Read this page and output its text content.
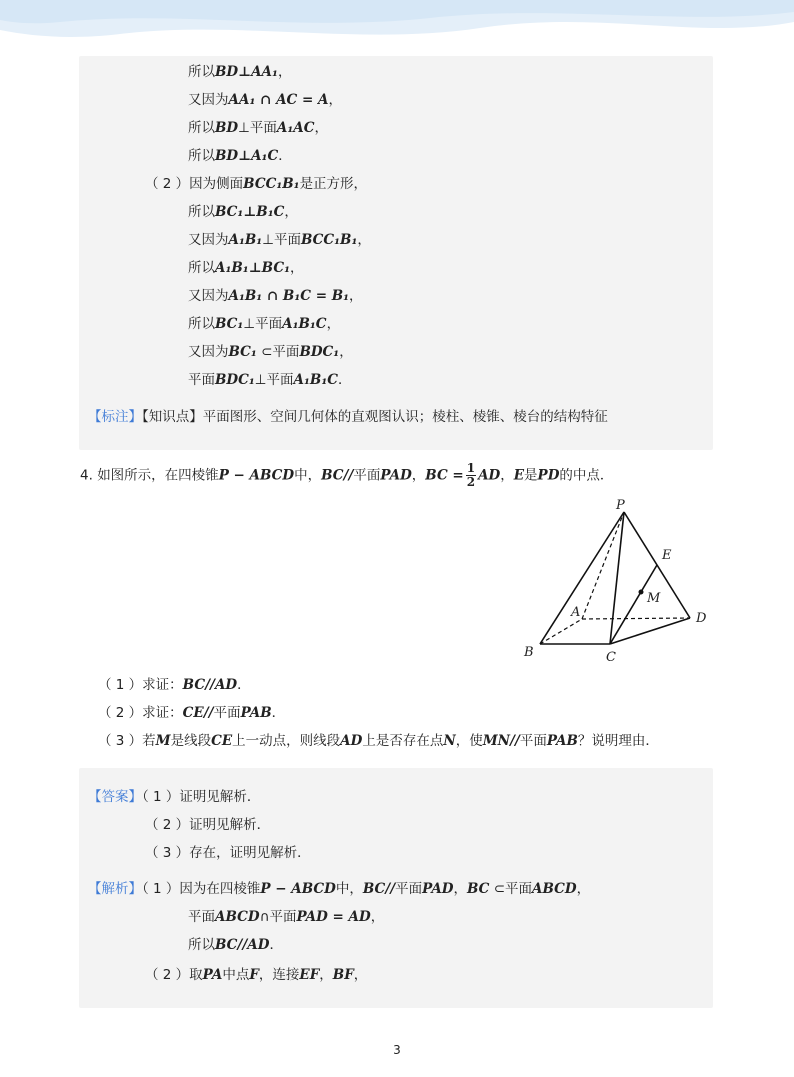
所以BD⊥AA₁，
又因为AA₁ ∩ AC = A，
所以BD⊥平面A₁AC，
所以BD⊥A₁C．
（ 2 ）因为侧面BCC₁B₁是正方形，
所以BC₁⊥B₁C，
又因为A₁B₁⊥平面BCC₁B₁，
所以A₁B₁⊥BC₁，
又因为A₁B₁ ∩ B₁C = B₁，
所以BC₁⊥平面A₁B₁C，
又因为BC₁ ⊂平面BDC₁，
平面BDC₁⊥平面A₁B₁C．
【标注】【知识点】平面图形、空间几何体的直观图认识；棱柱、棱锥、棱台的结构特征
4. 如图所示，在四棱锥P − ABCD中，BC//平面PAD，BC = $\frac{1}{2}$ AD，E是PD的中点．
P
E
M
A	D
B	C
（ 1 ）求证：BC//AD．
（ 2 ）求证：CE//平面PAB．
（ 3 ）若M是线段CE上一动点，则线段AD上是否存在点N，使MN//平面PAB？说明理由．
【答案】（ 1 ）证明见解析．
（ 2 ）证明见解析．
（ 3 ）存在，证明见解析．
【解析】（ 1 ）因为在四棱锥P − ABCD中，BC//平面PAD，BC ⊂平面ABCD，
平面ABCD∩平面PAD = AD，
所以BC//AD．
（ 2 ）取PA中点F，连接EF，BF，
3
